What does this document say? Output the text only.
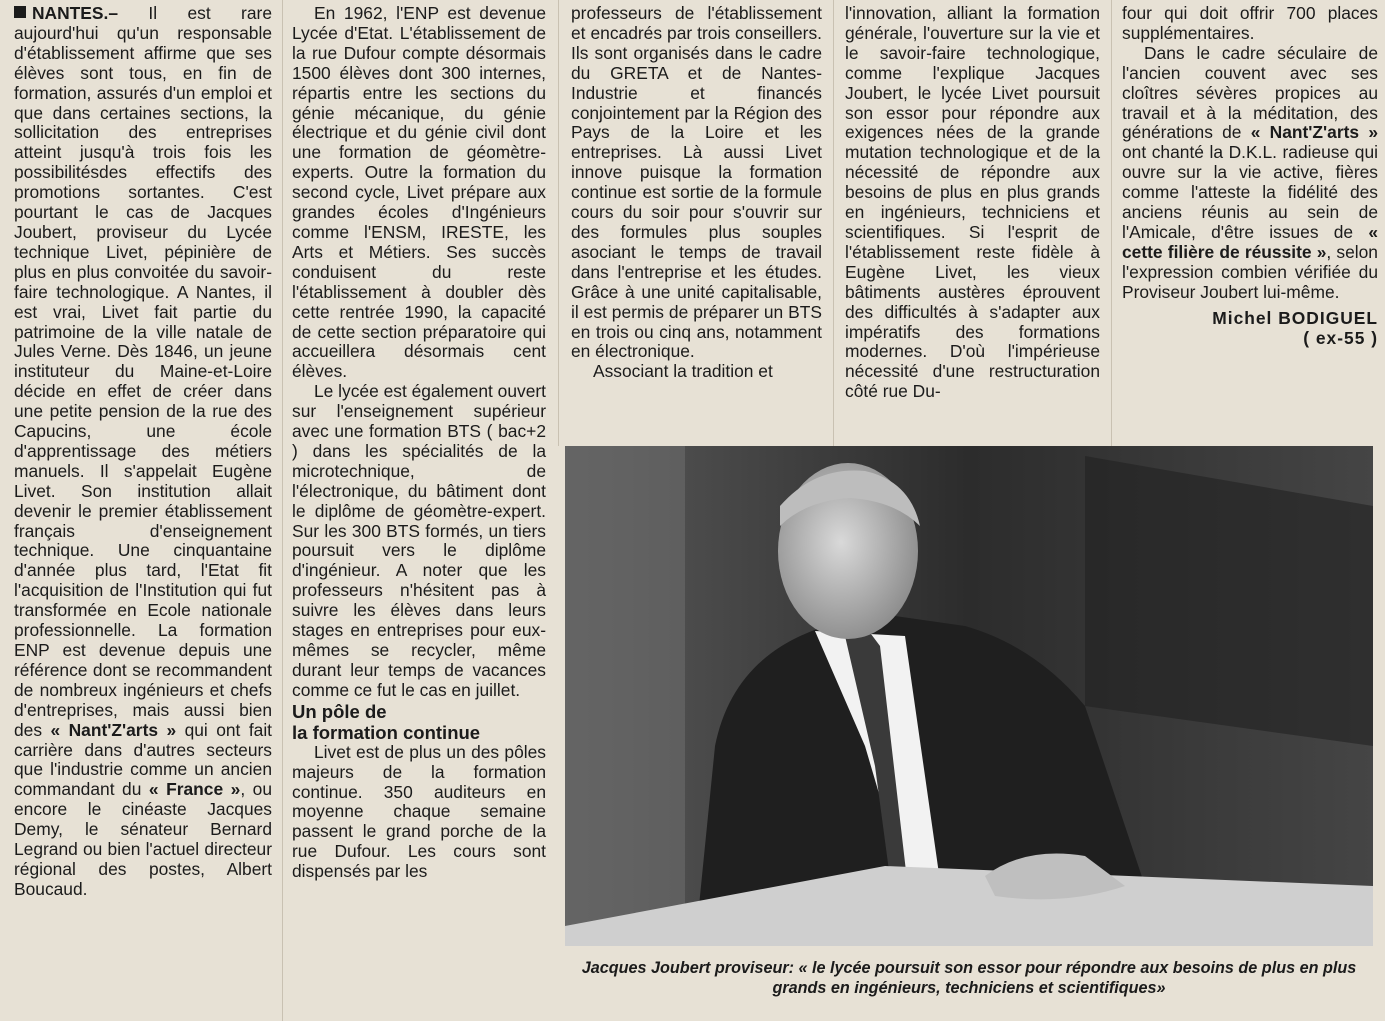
NANTES.– Il est rare aujourd'hui qu'un responsable d'établissement affirme que ses élèves sont tous, en fin de formation, assurés d'un emploi et que dans certaines sections, la sollicitation des entreprises atteint jusqu'à trois fois les possibilitésdes effectifs des promotions sortantes. C'est pourtant le cas de Jacques Joubert, proviseur du Lycée technique Livet, pépinière de plus en plus convoitée du savoir-faire technologique. A Nantes, il est vrai, Livet fait partie du patrimoine de la ville natale de Jules Verne. Dès 1846, un jeune instituteur du Maine-et-Loire décide en effet de créer dans une petite pension de la rue des Capucins, une école d'apprentissage des métiers manuels. Il s'appelait Eugène Livet. Son institution allait devenir le premier établissement français d'enseignement technique. Une cinquantaine d'année plus tard, l'Etat fit l'acquisition de l'Institution qui fut transformée en Ecole nationale professionnelle. La formation ENP est devenue depuis une référence dont se recommandent de nombreux ingénieurs et chefs d'entreprises, mais aussi bien des « Nant'Z'arts » qui ont fait carrière dans d'autres secteurs que l'industrie comme un ancien commandant du « France », ou encore le cinéaste Jacques Demy, le sénateur Bernard Legrand ou bien l'actuel directeur régional des postes, Albert Boucaud.

En 1962, l'ENP est devenue Lycée d'Etat. L'établissement de la rue Dufour compte désormais 1500 élèves dont 300 internes, répartis entre les sections du génie mécanique, du génie électrique et du génie civil dont une formation de géomètre-experts. Outre la formation du second cycle, Livet prépare aux grandes écoles d'Ingénieurs comme l'ENSM, IRESTE, les Arts et Métiers. Ses succès conduisent du reste l'établissement à doubler dès cette rentrée 1990, la capacité de cette section préparatoire qui accueillera désormais cent élèves.

Le lycée est également ouvert sur l'enseignement supérieur avec une formation BTS ( bac+2 ) dans les spécialités de la microtechnique, de l'électronique, du bâtiment dont le diplôme de géomètre-expert. Sur les 300 BTS formés, un tiers poursuit vers le diplôme d'ingénieur. A noter que les professeurs n'hésitent pas à suivre les élèves dans leurs stages en entreprises pour eux-mêmes se recycler, même durant leur temps de vacances comme ce fut le cas en juillet.

Un pôle de
la formation continue

Livet est de plus un des pôles majeurs de la formation continue. 350 auditeurs en moyenne chaque semaine passent le grand porche de la rue Dufour. Les cours sont dispensés par les

professeurs de l'établissement et encadrés par trois conseillers. Ils sont organisés dans le cadre du GRETA et de Nantes-Industrie et financés conjointement par la Région des Pays de la Loire et les entreprises. Là aussi Livet innove puisque la formation continue est sortie de la formule cours du soir pour s'ouvrir sur des formules plus souples asociant le temps de travail dans l'entreprise et les études. Grâce à une unité capitalisable, il est permis de préparer un BTS en trois ou cinq ans, notamment en électronique.

Associant la tradition et

l'innovation, alliant la formation générale, l'ouverture sur la vie et le savoir-faire technologique, comme l'explique Jacques Joubert, le lycée Livet poursuit son essor pour répondre aux exigences nées de la grande mutation technologique et de la nécessité de répondre aux besoins de plus en plus grands en ingénieurs, techniciens et scientifiques. Si l'esprit de l'établissement reste fidèle à Eugène Livet, les vieux bâtiments austères éprouvent des difficultés à s'adapter aux impératifs des formations modernes. D'où l'impérieuse nécessité d'une restructuration côté rue Du-

four qui doit offrir 700 places supplémentaires.

Dans le cadre séculaire de l'ancien couvent avec ses cloîtres sévères propices au travail et à la méditation, des générations de « Nant'Z'arts » ont chanté la D.K.L. radieuse qui ouvre sur la vie active, fières comme l'atteste la fidélité des anciens réunis au sein de l'Amicale, d'être issues de « cette filière de réussite », selon l'expression combien vérifiée du Proviseur Joubert lui-même.

Michel BODIGUEL

( ex-55 )

Jacques Joubert proviseur: « le lycée poursuit son essor pour répondre aux besoins de plus en plus grands en ingénieurs, techniciens et scientifiques»
